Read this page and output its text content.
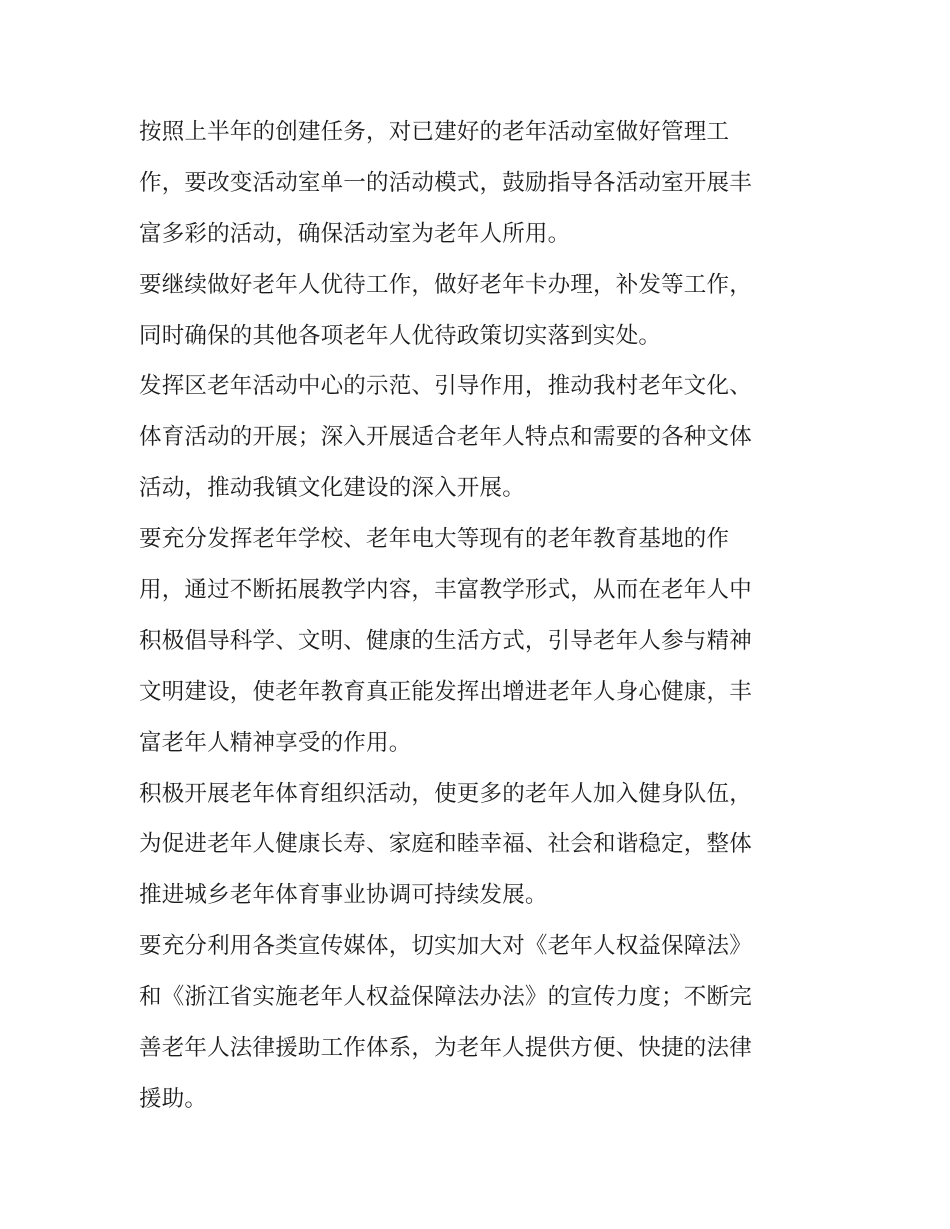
按照上半年的创建任务，对已建好的老年活动室做好管理工
作，要改变活动室单一的活动模式，鼓励指导各活动室开展丰
富多彩的活动，确保活动室为老年人所用。
要继续做好老年人优待工作，做好老年卡办理，补发等工作，
同时确保的其他各项老年人优待政策切实落到实处。
发挥区老年活动中心的示范、引导作用，推动我村老年文化、
体育活动的开展；深入开展适合老年人特点和需要的各种文体
活动，推动我镇文化建设的深入开展。
要充分发挥老年学校、老年电大等现有的老年教育基地的作
用，通过不断拓展教学内容，丰富教学形式，从而在老年人中
积极倡导科学、文明、健康的生活方式，引导老年人参与精神
文明建设，使老年教育真正能发挥出增进老年人身心健康，丰
富老年人精神享受的作用。
积极开展老年体育组织活动，使更多的老年人加入健身队伍，
为促进老年人健康长寿、家庭和睦幸福、社会和谐稳定，整体
推进城乡老年体育事业协调可持续发展。
要充分利用各类宣传媒体，切实加大对《老年人权益保障法》
和《浙江省实施老年人权益保障法办法》的宣传力度；不断完
善老年人法律援助工作体系，为老年人提供方便、快捷的法律
援助。
